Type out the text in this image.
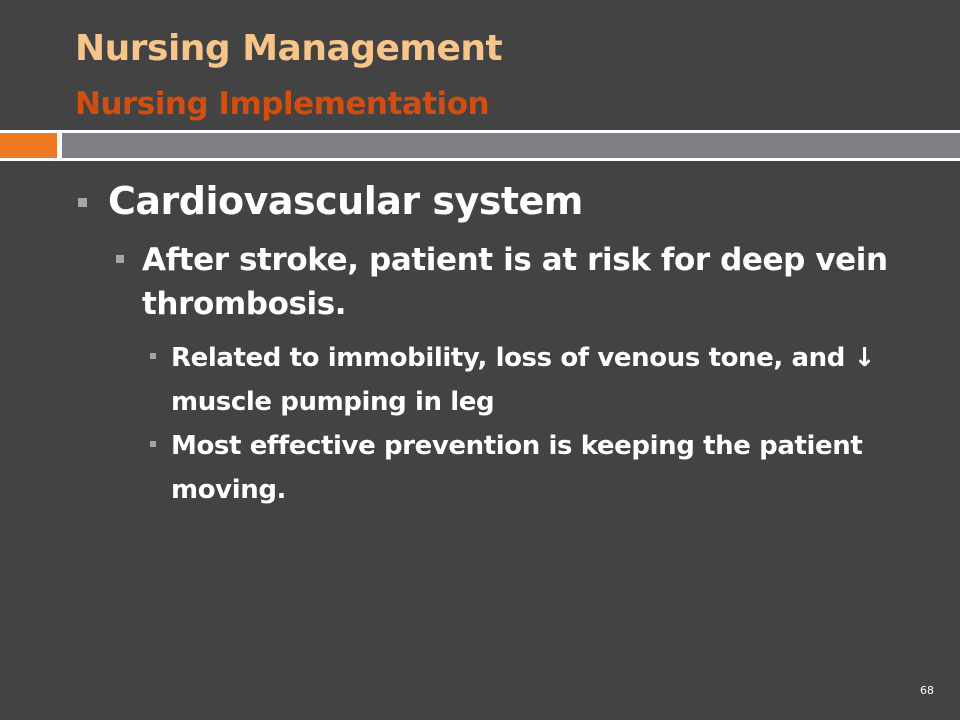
Nursing Management
Nursing Implementation
Cardiovascular system
After stroke, patient is at risk for deep vein thrombosis.
Related to immobility, loss of venous tone, and ↓ muscle pumping in leg
Most effective prevention is keeping the patient moving.
68
